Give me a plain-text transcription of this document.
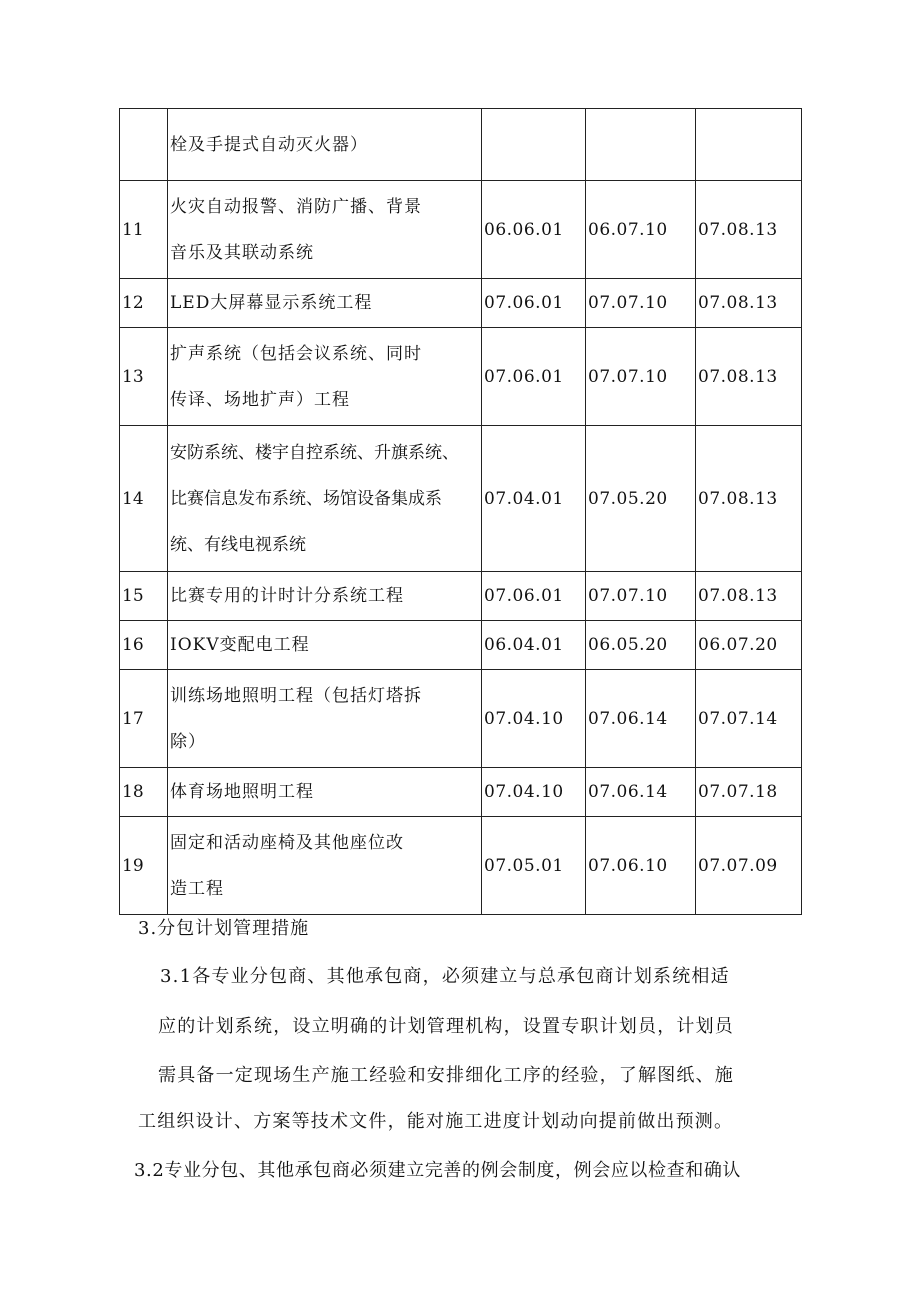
	栓及手提式自动灭火器）			

11	火灾自动报警、消防广播、背景
音乐及其联动系统	06.06.01	06.07.10	07.08.13
12	LED大屏幕显示系统工程	07.06.01	07.07.10	07.08.13
13	扩声系统（包括会议系统、同时
传译、场地扩声）工程	07.06.01	07.07.10	07.08.13
14	安防系统、楼宇自控系统、升旗系统、
比赛信息发布系统、场馆设备集成系
统、有线电视系统	07.04.01	07.05.20	07.08.13
15	比赛专用的计时计分系统工程	07.06.01	07.07.10	07.08.13
16	IOKV变配电工程	06.04.01	06.05.20	06.07.20
17	训练场地照明工程（包括灯塔拆
除）	07.04.10	07.06.14	07.07.14
18	体育场地照明工程	07.04.10	07.06.14	07.07.18
19	固定和活动座椅及其他座位改
造工程	07.05.01	07.06.10	07.07.09
3.分包计划管理措施
3.1各专业分包商、其他承包商，必须建立与总承包商计划系统相适
应的计划系统，设立明确的计划管理机构，设置专职计划员，计划员
需具备一定现场生产施工经验和安排细化工序的经验，了解图纸、施
工组织设计、方案等技术文件，能对施工进度计划动向提前做出预测。
3.2专业分包、其他承包商必须建立完善的例会制度，例会应以检查和确认
